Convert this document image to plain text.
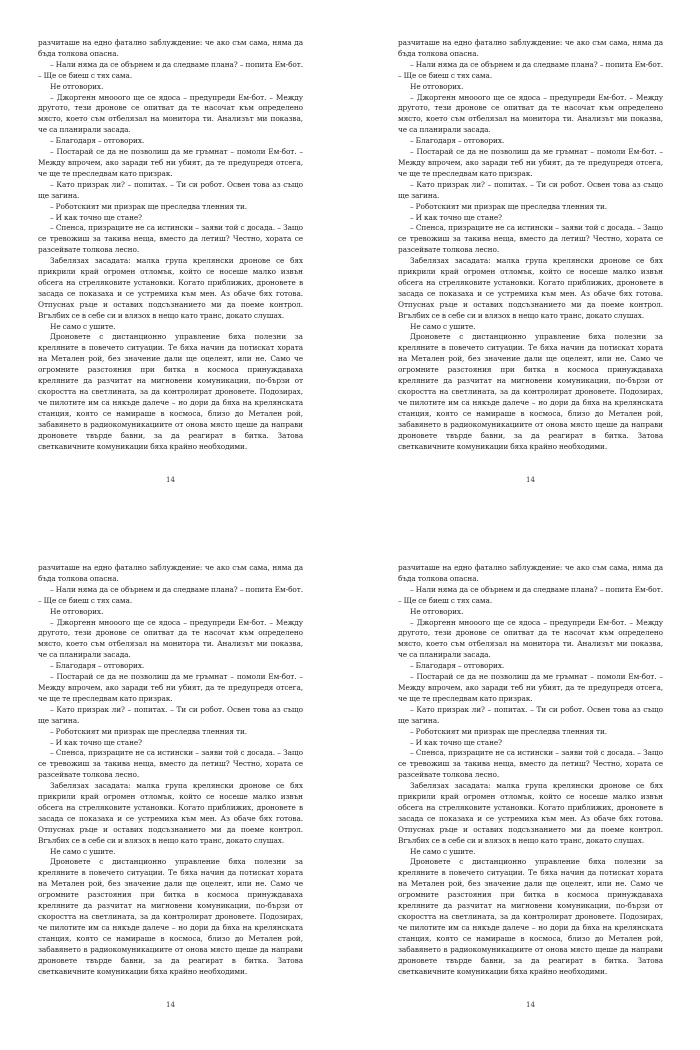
разчиташе на едно фатално заблуждение: че ако съм сама, няма да бъда толкова опасна.

– Нали няма да се обърнем и да следваме плана? – попита Ем-бот. – Ще се биеш с тях сама.

Не отговорих.

– Джоргенн мнооого ще се ядоса – предупреди Ем-бот. – Между другото, тези дронове се опитват да те насочат към определено място, което съм отбелязал на монитора ти. Анализът ми показва, че са планирали засада.

– Благодаря – отговорих.

– Постарай се да не позволиш да ме гръмнат – помоли Ем-бот. – Между впрочем, ако заради теб ни убият, да те предупредя отсега, че ще те преследвам като призрак.

– Като призрак ли? – попитах. – Ти си робот. Освен това аз също ще загина.

– Роботският ми призрак ще преследва тленния ти.

– И как точно ще стане?

– Спенса, призраците не са истински – заяви той с досада. – Защо се тревожиш за такива неща, вместо да летиш? Честно, хората се разсейвате толкова лесно.

Забелязах засадата: малка група крелянски дронове се бях прикрили край огромен отломък, който се носеше малко извън обсега на стреляковите установки. Когато приближих, дроновете в засада се показаха и се устремиха към мен. Аз обаче бях готова. Отпуснах ръце и оставих подсъзнанието ми да поеме контрол. Вгълбих се в себе си и влязох в нещо като транс, докато слушах.

Не само с ушите.

Дроновете с дистанционно управление бяха полезни за креляните в повечето ситуации. Те бяха начин да потискат хората на Метален рой, без значение дали ще оцелеят, или не. Само че огромните разстояния при битка в космоса принуждаваха креляните да разчитат на мигновени комуникации, по-бързи от скоростта на светлината, за да контролират дроновете. Подозирах, че пилотите им са някъде далече – но дори да бяха на крелянската станция, която се намираше в космоса, близо до Метален рой, забавянето в радиокомуникациите от онова място щеше да направи дроновете твърде бавни, за да реагират в битка. Затова светкавичните комуникации бяха крайно необходими.

14

разчиташе на едно фатално заблуждение: че ако съм сама, няма да бъда толкова опасна.

– Нали няма да се обърнем и да следваме плана? – попита Ем-бот. – Ще се биеш с тях сама.

Не отговорих.

– Джоргенн мнооого ще се ядоса – предупреди Ем-бот. – Между другото, тези дронове се опитват да те насочат към определено място, което съм отбелязал на монитора ти. Анализът ми показва, че са планирали засада.

– Благодаря – отговорих.

– Постарай се да не позволиш да ме гръмнат – помоли Ем-бот. – Между впрочем, ако заради теб ни убият, да те предупредя отсега, че ще те преследвам като призрак.

– Като призрак ли? – попитах. – Ти си робот. Освен това аз също ще загина.

– Роботският ми призрак ще преследва тленния ти.

– И как точно ще стане?

– Спенса, призраците не са истински – заяви той с досада. – Защо се тревожиш за такива неща, вместо да летиш? Честно, хората се разсейвате толкова лесно.

Забелязах засадата: малка група крелянски дронове се бях прикрили край огромен отломък, който се носеше малко извън обсега на стреляковите установки. Когато приближих, дроновете в засада се показаха и се устремиха към мен. Аз обаче бях готова. Отпуснах ръце и оставих подсъзнанието ми да поеме контрол. Вгълбих се в себе си и влязох в нещо като транс, докато слушах.

Не само с ушите.

Дроновете с дистанционно управление бяха полезни за креляните в повечето ситуации. Те бяха начин да потискат хората на Метален рой, без значение дали ще оцелеят, или не. Само че огромните разстояния при битка в космоса принуждаваха креляните да разчитат на мигновени комуникации, по-бързи от скоростта на светлината, за да контролират дроновете. Подозирах, че пилотите им са някъде далече – но дори да бяха на крелянската станция, която се намираше в космоса, близо до Метален рой, забавянето в радиокомуникациите от онова място щеше да направи дроновете твърде бавни, за да реагират в битка. Затова светкавичните комуникации бяха крайно необходими.

14

разчиташе на едно фатално заблуждение: че ако съм сама, няма да бъда толкова опасна.

– Нали няма да се обърнем и да следваме плана? – попита Ем-бот. – Ще се биеш с тях сама.

Не отговорих.

– Джоргенн мнооого ще се ядоса – предупреди Ем-бот. – Между другото, тези дронове се опитват да те насочат към определено място, което съм отбелязал на монитора ти. Анализът ми показва, че са планирали засада.

– Благодаря – отговорих.

– Постарай се да не позволиш да ме гръмнат – помоли Ем-бот. – Между впрочем, ако заради теб ни убият, да те предупредя отсега, че ще те преследвам като призрак.

– Като призрак ли? – попитах. – Ти си робот. Освен това аз също ще загина.

– Роботският ми призрак ще преследва тленния ти.

– И как точно ще стане?

– Спенса, призраците не са истински – заяви той с досада. – Защо се тревожиш за такива неща, вместо да летиш? Честно, хората се разсейвате толкова лесно.

Забелязах засадата: малка група крелянски дронове се бях прикрили край огромен отломък, който се носеше малко извън обсега на стреляковите установки. Когато приближих, дроновете в засада се показаха и се устремиха към мен. Аз обаче бях готова. Отпуснах ръце и оставих подсъзнанието ми да поеме контрол. Вгълбих се в себе си и влязох в нещо като транс, докато слушах.

Не само с ушите.

Дроновете с дистанционно управление бяха полезни за креляните в повечето ситуации. Те бяха начин да потискат хората на Метален рой, без значение дали ще оцелеят, или не. Само че огромните разстояния при битка в космоса принуждаваха креляните да разчитат на мигновени комуникации, по-бързи от скоростта на светлината, за да контролират дроновете. Подозирах, че пилотите им са някъде далече – но дори да бяха на крелянската станция, която се намираше в космоса, близо до Метален рой, забавянето в радиокомуникациите от онова място щеше да направи дроновете твърде бавни, за да реагират в битка. Затова светкавичните комуникации бяха крайно необходими.

14

разчиташе на едно фатално заблуждение: че ако съм сама, няма да бъда толкова опасна.

– Нали няма да се обърнем и да следваме плана? – попита Ем-бот. – Ще се биеш с тях сама.

Не отговорих.

– Джоргенн мнооого ще се ядоса – предупреди Ем-бот. – Между другото, тези дронове се опитват да те насочат към определено място, което съм отбелязал на монитора ти. Анализът ми показва, че са планирали засада.

– Благодаря – отговорих.

– Постарай се да не позволиш да ме гръмнат – помоли Ем-бот. – Между впрочем, ако заради теб ни убият, да те предупредя отсега, че ще те преследвам като призрак.

– Като призрак ли? – попитах. – Ти си робот. Освен това аз също ще загина.

– Роботският ми призрак ще преследва тленния ти.

– И как точно ще стане?

– Спенса, призраците не са истински – заяви той с досада. – Защо се тревожиш за такива неща, вместо да летиш? Честно, хората се разсейвате толкова лесно.

Забелязах засадата: малка група крелянски дронове се бях прикрили край огромен отломък, който се носеше малко извън обсега на стреляковите установки. Когато приближих, дроновете в засада се показаха и се устремиха към мен. Аз обаче бях готова. Отпуснах ръце и оставих подсъзнанието ми да поеме контрол. Вгълбих се в себе си и влязох в нещо като транс, докато слушах.

Не само с ушите.

Дроновете с дистанционно управление бяха полезни за креляните в повечето ситуации. Те бяха начин да потискат хората на Метален рой, без значение дали ще оцелеят, или не. Само че огромните разстояния при битка в космоса принуждаваха креляните да разчитат на мигновени комуникации, по-бързи от скоростта на светлината, за да контролират дроновете. Подозирах, че пилотите им са някъде далече – но дори да бяха на крелянската станция, която се намираше в космоса, близо до Метален рой, забавянето в радиокомуникациите от онова място щеше да направи дроновете твърде бавни, за да реагират в битка. Затова светкавичните комуникации бяха крайно необходими.

14
